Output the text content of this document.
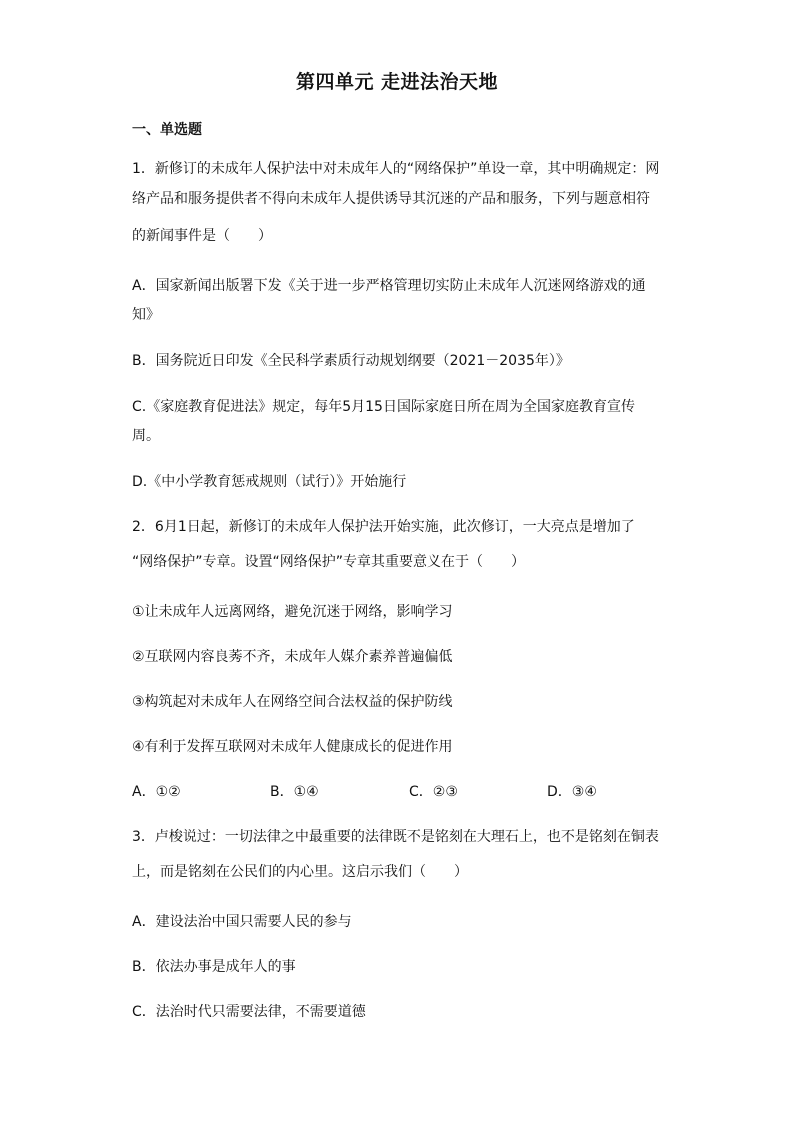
第四单元 走进法治天地
一、单选题
1．新修订的未成年人保护法中对未成年人的“网络保护”单设一章，其中明确规定：网
络产品和服务提供者不得向未成年人提供诱导其沉迷的产品和服务，下列与题意相符
的新闻事件是（　　）
A．国家新闻出版署下发《关于进一步严格管理切实防止未成年人沉迷网络游戏的通
知》
B．国务院近日印发《全民科学素质行动规划纲要（2021－2035年）》
C.《家庭教育促进法》规定，每年5月15日国际家庭日所在周为全国家庭教育宣传
周。
D.《中小学教育惩戒规则（试行）》开始施行
2．6月1日起，新修订的未成年人保护法开始实施，此次修订，一大亮点是增加了
“网络保护”专章。设置“网络保护”专章其重要意义在于（　　）
①让未成年人远离网络，避免沉迷于网络，影响学习
②互联网内容良莠不齐，未成年人媒介素养普遍偏低
③构筑起对未成年人在网络空间合法权益的保护防线
④有利于发挥互联网对未成年人健康成长的促进作用
A．①②	B．①④	C．②③	D．③④
3．卢梭说过：一切法律之中最重要的法律既不是铭刻在大理石上，也不是铭刻在铜表
上，而是铭刻在公民们的内心里。这启示我们（　　）
A．建设法治中国只需要人民的参与
B．依法办事是成年人的事
C．法治时代只需要法律，不需要道德
